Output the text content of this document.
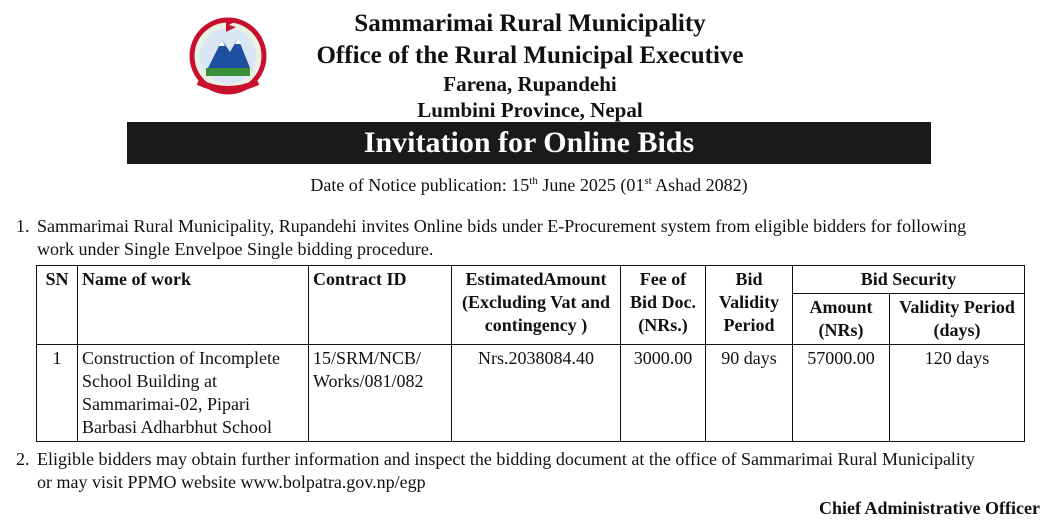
Sammarimai Rural Municipality
Office of the Rural Municipal Executive
Farena, Rupandehi
Lumbini Province, Nepal
Invitation for Online Bids
Date of Notice publication: 15th June 2025 (01st Ashad 2082)
1. Sammarimai Rural Municipality, Rupandehi invites Online bids under E-Procurement system from eligible bidders for following
work under Single Envelpoe Single bidding procedure.
SN	Name of work	Contract ID	EstimatedAmount (Excluding Vat and contingency )	Fee of Bid Doc. (NRs.)	Bid Validity Period	Bid Security	
						Amount (NRs)	Validity Period (days)
1	Construction of Incomplete School Building at Sammarimai-02, Pipari Barbasi Adharbhut School	15/SRM/NCB/ Works/081/082	Nrs.2038084.40	3000.00	90 days	57000.00	120 days
2. Eligible bidders may obtain further information and inspect the bidding document at the office of Sammarimai Rural Municipality
or may visit PPMO website www.bolpatra.gov.np/egp
Chief Administrative Officer
